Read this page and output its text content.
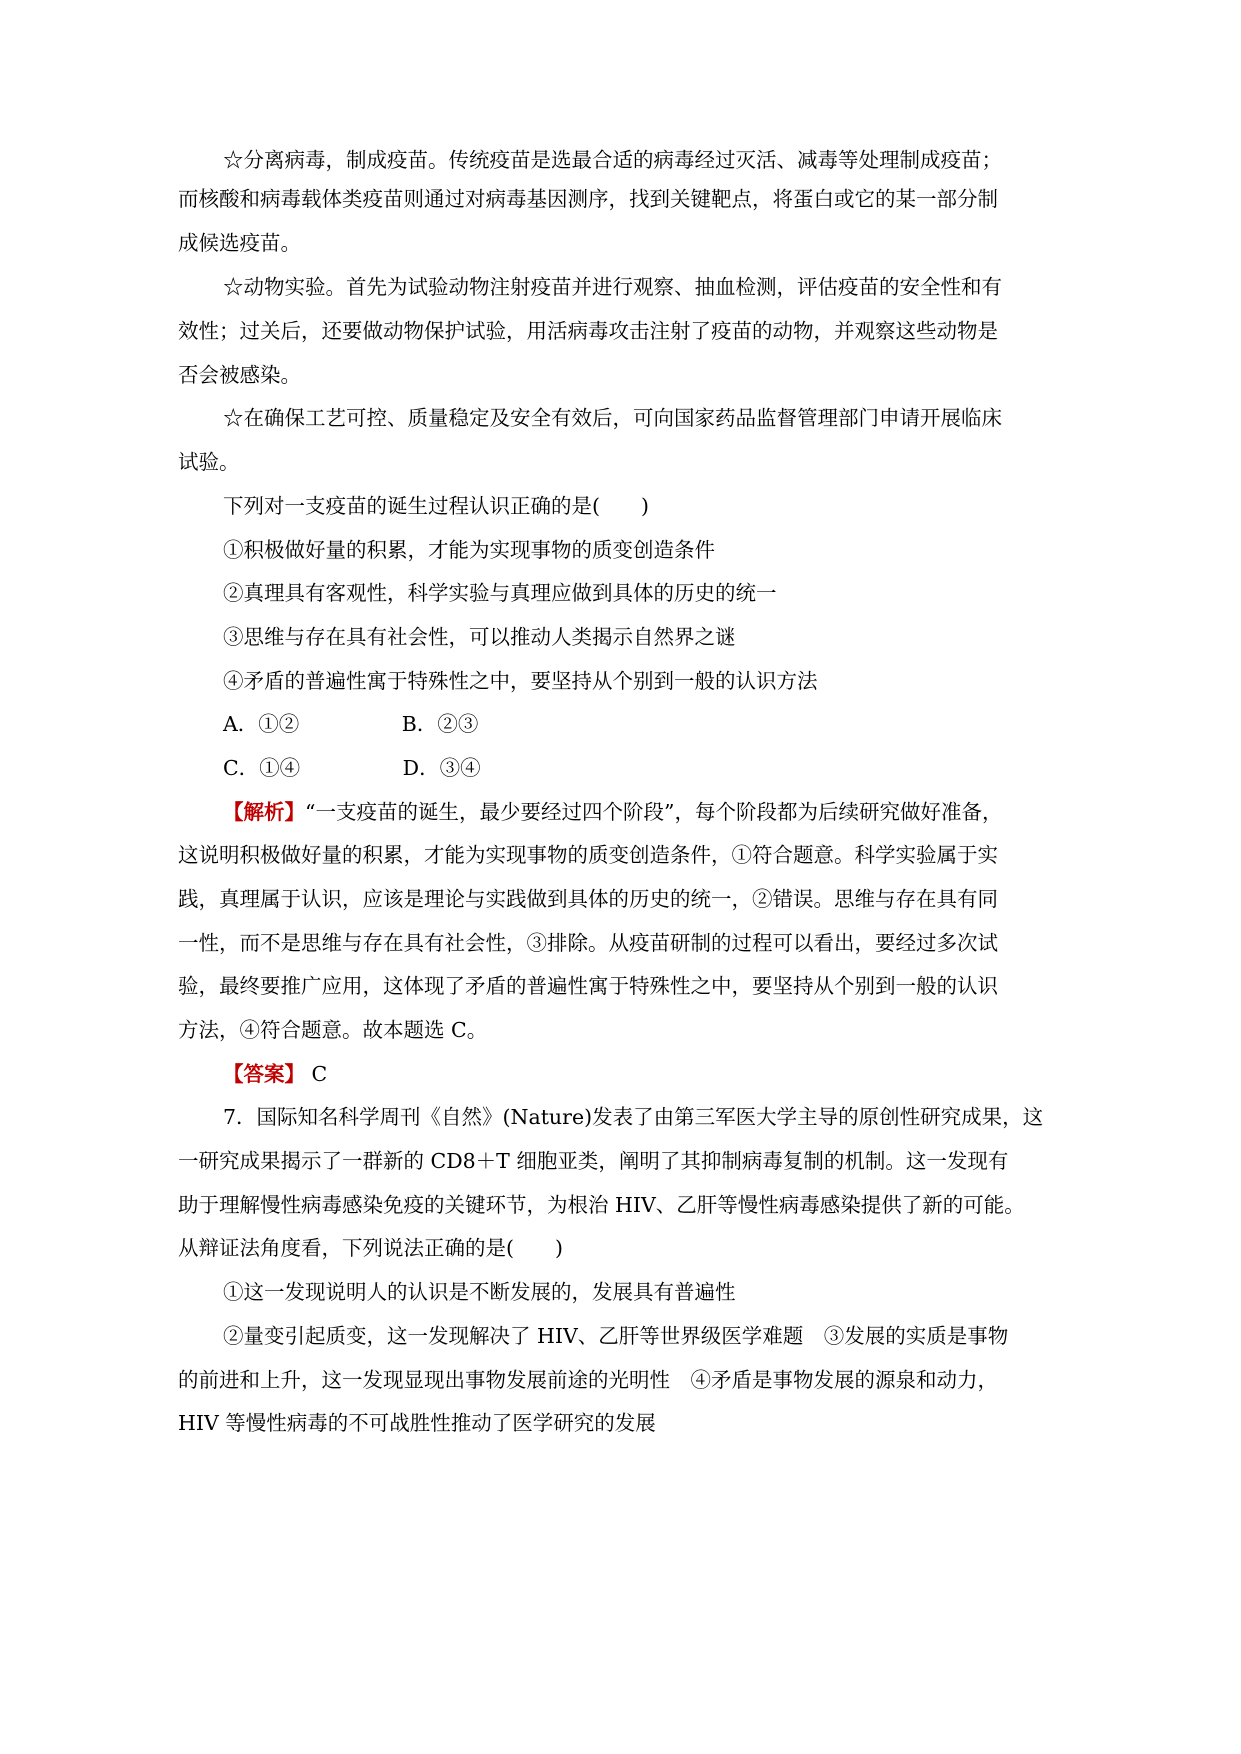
☆分离病毒，制成疫苗。传统疫苗是选最合适的病毒经过灭活、减毒等处理制成疫苗；
而核酸和病毒载体类疫苗则通过对病毒基因测序，找到关键靶点，将蛋白或它的某一部分制
成候选疫苗。
☆动物实验。首先为试验动物注射疫苗并进行观察、抽血检测，评估疫苗的安全性和有
效性；过关后，还要做动物保护试验，用活病毒攻击注射了疫苗的动物，并观察这些动物是
否会被感染。
☆在确保工艺可控、质量稳定及安全有效后，可向国家药品监督管理部门申请开展临床
试验。
下列对一支疫苗的诞生过程认识正确的是(　　)
①积极做好量的积累，才能为实现事物的质变创造条件
②真理具有客观性，科学实验与真理应做到具体的历史的统一
③思维与存在具有社会性，可以推动人类揭示自然界之谜
④矛盾的普遍性寓于特殊性之中，要坚持从个别到一般的认识方法
A．①②　　　　　B．②③
C．①④　　　　　D．③④
【解析】“一支疫苗的诞生，最少要经过四个阶段”，每个阶段都为后续研究做好准备，
这说明积极做好量的积累，才能为实现事物的质变创造条件，①符合题意。科学实验属于实
践，真理属于认识，应该是理论与实践做到具体的历史的统一，②错误。思维与存在具有同
一性，而不是思维与存在具有社会性，③排除。从疫苗研制的过程可以看出，要经过多次试
验，最终要推广应用，这体现了矛盾的普遍性寓于特殊性之中，要坚持从个别到一般的认识
方法，④符合题意。故本题选 C。
【答案】 C
7．国际知名科学周刊《自然》(Nature)发表了由第三军医大学主导的原创性研究成果，这
一研究成果揭示了一群新的 CD8＋T 细胞亚类，阐明了其抑制病毒复制的机制。这一发现有
助于理解慢性病毒感染免疫的关键环节，为根治 HIV、乙肝等慢性病毒感染提供了新的可能。
从辩证法角度看，下列说法正确的是(　　)
①这一发现说明人的认识是不断发展的，发展具有普遍性
②量变引起质变，这一发现解决了 HIV、乙肝等世界级医学难题　③发展的实质是事物
的前进和上升，这一发现显现出事物发展前途的光明性　④矛盾是事物发展的源泉和动力，
HIV 等慢性病毒的不可战胜性推动了医学研究的发展
